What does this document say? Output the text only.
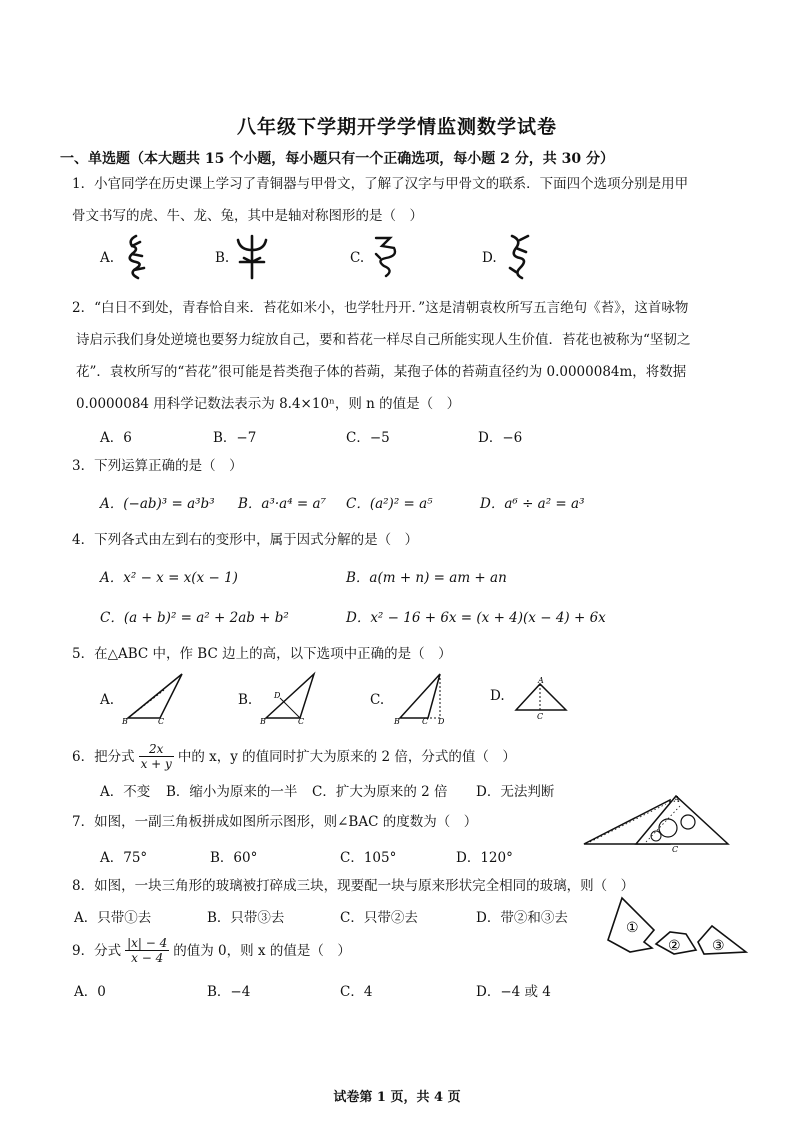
八年级下学期开学学情监测数学试卷
一、单选题（本大题共 15 个小题，每小题只有一个正确选项，每小题 2 分，共 30 分）
1．小官同学在历史课上学习了青铜器与甲骨文，了解了汉字与甲骨文的联系．下面四个选项分别是用甲
骨文书写的虎、牛、龙、兔，其中是轴对称图形的是（　）
A.	B.	C.	D.
2．“白日不到处，青春恰自来．苔花如米小，也学牡丹开．”这是清朝袁枚所写五言绝句《苔》，这首咏物
诗启示我们身处逆境也要努力绽放自己，要和苔花一样尽自己所能实现人生价值．苔花也被称为“坚韧之
花”．袁枚所写的“苔花”很可能是苔类孢子体的苔蒴，某孢子体的苔蒴直径约为 0.0000084m，将数据
0.0000084 用科学记数法表示为 8.4×10ⁿ，则 n 的值是（　）
A．6	B．−7	C．−5	D．−6
3．下列运算正确的是（　）
A．(−ab)³ = a³b³ B．a³·a⁴ = a⁷ C．(a²)² = a⁵	D．a⁶ ÷ a² = a³
4．下列各式由左到右的变形中，属于因式分解的是（　）
A．x² − x = x(x − 1)	B．a(m + n) = am + an
C．(a + b)² = a² + 2ab + b²	D．x² − 16 + 6x = (x + 4)(x − 4) + 6x
5．在△ABC 中，作 BC 边上的高，以下选项中正确的是（　）
A.
B	C
B.
B
D
C
C.
B	C D
D.
A
C
6．把分式 $\frac{2x}{x + y}$ 中的 x，y 的值同时扩大为原来的 2 倍，分式的值（　）
A．不变 B．缩小为原来的一半 C．扩大为原来的 2 倍 D．无法判断
7．如图，一副三角板拼成如图所示图形，则∠BAC 的度数为（　）
A．75°	B．60°	C．105°	D．120°
A
C
8．如图，一块三角形的玻璃被打碎成三块，现要配一块与原来形状完全相同的玻璃，则（　）
A．只带①去	B．只带③去	C．只带②去	D．带②和③去
①
② ③
9．分式 $\frac{|x| - 4}{x - 4}$ 的值为 0，则 x 的值是（　）
A．0	B．−4	C．4	D．−4 或 4
试卷第 1 页，共 4 页
